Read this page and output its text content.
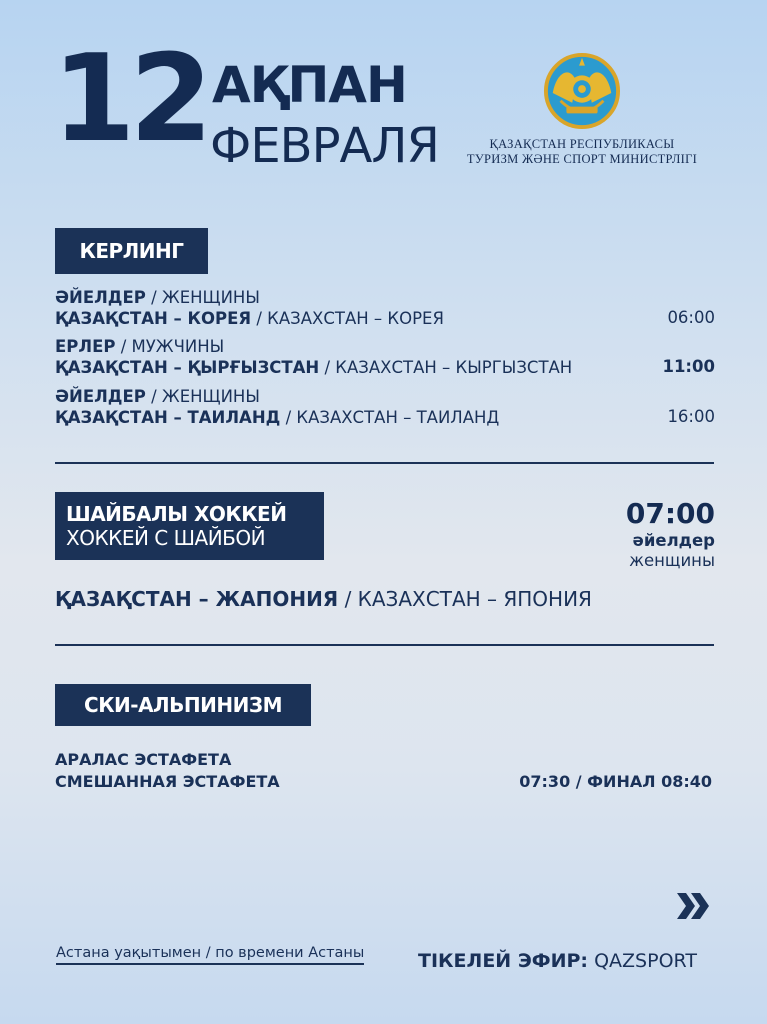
12 АҚПАН
ФЕВРАЛЯ	ҚАЗАҚСТАН РЕСПУБЛИКАСЫ
ТУРИЗМ ЖӘНЕ СПОРТ МИНИСТРЛІГІ
КЕРЛИНГ
ӘЙЕЛДЕР / ЖЕНЩИНЫ
ҚАЗАҚСТАН – КОРЕЯ / КАЗАХСТАН – КОРЕЯ	06:00
ЕРЛЕР / МУЖЧИНЫ
ҚАЗАҚСТАН – ҚЫРҒЫЗСТАН / КАЗАХСТАН – КЫРГЫЗСТАН	11:00
ӘЙЕЛДЕР / ЖЕНЩИНЫ
ҚАЗАҚСТАН – ТАИЛАНД / КАЗАХСТАН – ТАИЛАНД	16:00
ШАЙБАЛЫ ХОККЕЙ
ХОККЕЙ С ШАЙБОЙ
07:00
әйелдер
женщины
ҚАЗАҚСТАН – ЖАПОНИЯ / КАЗАХСТАН – ЯПОНИЯ
СКИ-АЛЬПИНИЗМ
АРАЛАС ЭСТАФЕТА
СМЕШАННАЯ ЭСТАФЕТА	07:30 / ФИНАЛ 08:40
Астана уақытымен / по времени Астаны	ТІКЕЛЕЙ ЭФИР: QAZSPORT
